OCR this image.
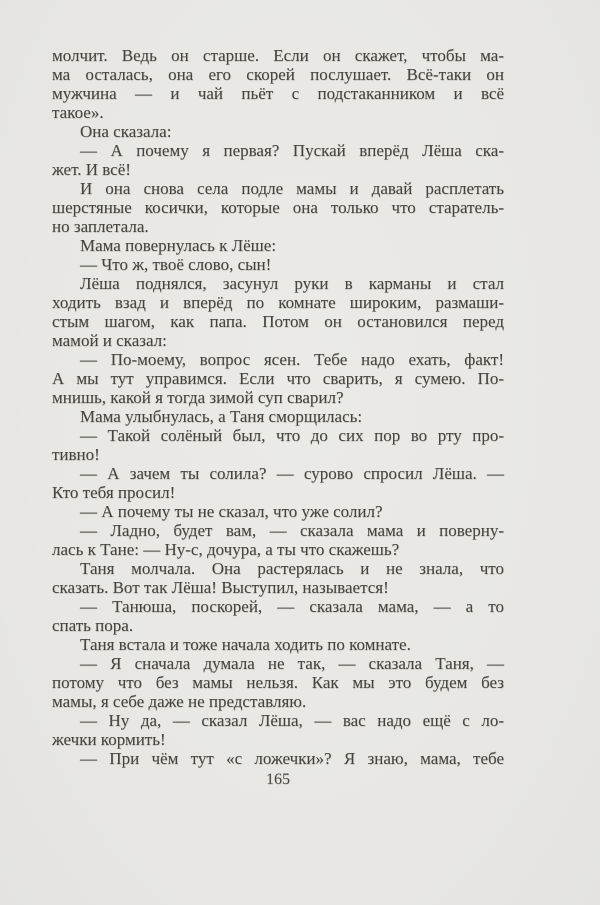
молчит. Ведь он старше. Если он скажет, чтобы ма-
ма осталась, она его скорей послушает. Всё-таки он
мужчина — и чай пьёт с подстаканником и всё
такое».
Она сказала:
— А почему я первая? Пускай вперёд Лёша ска-
жет. И всё!
И она снова села подле мамы и давай расплетать
шерстяные косички, которые она только что старатель-
но заплетала.
Мама повернулась к Лёше:
— Что ж, твоё слово, сын!
Лёша поднялся, засунул руки в карманы и стал
ходить взад и вперёд по комнате широким, размаши-
стым шагом, как папа. Потом он остановился перед
мамой и сказал:
— По-моему, вопрос ясен. Тебе надо ехать, факт!
А мы тут управимся. Если что сварить, я сумею. По-
мнишь, какой я тогда зимой суп сварил?
Мама улыбнулась, а Таня сморщилась:
— Такой солёный был, что до сих пор во рту про-
тивно!
— А зачем ты солила? — сурово спросил Лёша. —
Кто тебя просил!
— А почему ты не сказал, что уже солил?
— Ладно, будет вам, — сказала мама и поверну-
лась к Тане: — Ну-с, дочура, а ты что скажешь?
Таня молчала. Она растерялась и не знала, что
сказать. Вот так Лёша! Выступил, называется!
— Танюша, поскорей, — сказала мама, — а то
спать пора.
Таня встала и тоже начала ходить по комнате.
— Я сначала думала не так, — сказала Таня, —
потому что без мамы нельзя. Как мы это будем без
мамы, я себе даже не представляю.
— Ну да, — сказал Лёша, — вас надо ещё с ло-
жечки кормить!
— При чём тут «с ложечки»? Я знаю, мама, тебе
165
